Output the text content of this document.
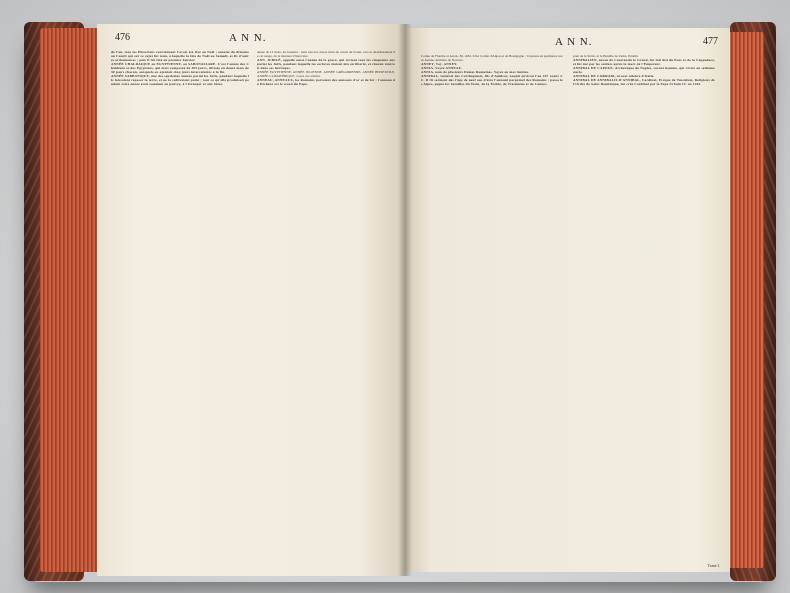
476	A N N.

de l'an, tous les Historiens conviennent l'avoir été fixé au Noël ; ensuite du dixieme au Concil qui sur ce sujet fut tenu, à laquelle la fête de Noël au Samedi, et fit d'autres ordonnances ; puis il fut fixé au premier Janvier.

ANNÉE CHALDAIQUE ou EGYPTIENNE, ou SABONASSARE. C'est l'année des Chaldéens et des Egyptiens, qui étoit composée de 365 jours, divisée en douze mois de 30 jours chacun, auxquels on ajoûtoit cinq jours intercalaires à la fin.

ANNÉE SABBATIQUE, une des septiemes années parmi les Juifs, pendant laquelle ils laissoient reposer la terre, et ne la cultivoient point ; tout ce qu'elle produisoit pendant cette année étoit commun au pauvre, à l'étranger et aux bêtes.

année de 12 mois, les lunaires : dans tous les douze mois du calcul du Soleil, vers le rétablissement de cet usage, de la maniere d'intercaler.

ANN. JUBILÉ, appellé aussi l'année de la grace, qui revient tous les cinquante ans parmi les Juifs, pendant laquelle les esclaves étoient mis en liberté, et chacun rentroit dans ses héritages.

ANNÉE ÉGYPTIENNE, ANNÉE JULIENNE, ANNÉE GRÉGORIENNE, ANNÉE BISSEXTILE, ANNÉE CLIMATÉRIQUE, voyez ces articles.

ANNEAU, ANNEAUX, les Romains portoient des anneaux d'or et de fer ; l'anneau du Pêcheur est le sceau du Pape.

A N N.	477

Comte de Flandre et Artois. En 1182, il fut Comte d'Anjou et de Bourgogne ; il épousa en premieres noces Jeanne, héritiere de Navarre.

ANNEY, Voy. ANNEY.

ANNIA, Voyez ANNEAU.

ANNIA, nom de plusieurs Dames Romaines. Voyez au mot Annius.

ANNIBAL, Général des Carthaginois, fils d'Amilcar, naquit environ l'an 247 avant J. C. Il fit serment dès l'âge de neuf ans d'être l'ennemi perpétuel des Romains ; passa les Alpes, gagna les batailles du Tesin, de la Trébie, de Trasimène et de Cannes.

pont de la Sicile, et la Bataille de Zama. Ibidem.

ANNIBALIEN, neveu de Constantin le Grand, fut fait Roi du Pont et de la Cappadoce, et fut tué par les soldats après la mort de l'Empereur.

ANNIBAL DE CAPOUE, Archevêque de Naples, savant homme, qui vivoit au seizieme siecle.

ANNIBAL DE CORRADI, Avocat célebre d'Italie.

ANNIBAL DE ANNIBALIS D'ANNIBAL, Cardinal, Evêque de Tusculum, Religieux de l'Ordre de Saint Dominique, fut créé Cardinal par le Pape Urbain IV. en 1262.

Tome I.
